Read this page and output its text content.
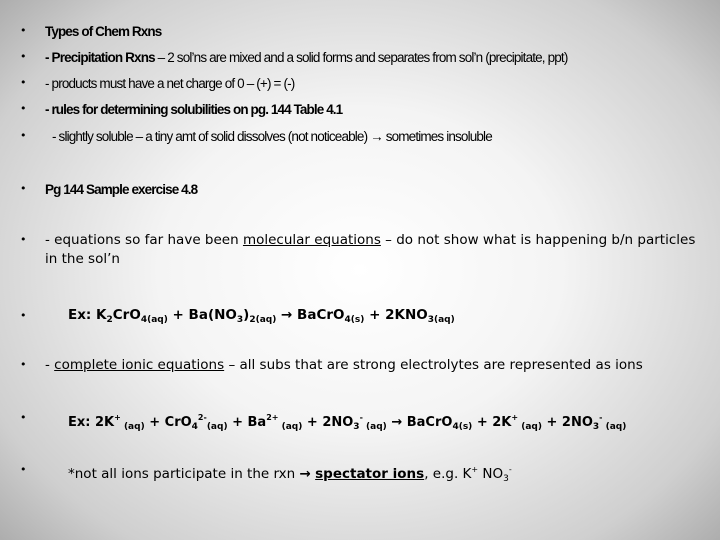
• Types of Chem Rxns
• - Precipitation Rxns – 2 sol’ns are mixed and a solid forms and separates from sol’n (precipitate, ppt)
• - products must have a net charge of 0 – (+) = (-)
• - rules for determining solubilities on pg. 144 Table 4.1
• - slightly soluble – a tiny amt of solid dissolves (not noticeable) → sometimes insoluble
• Pg 144 Sample exercise 4.8
• - equations so far have been molecular equations – do not show what is happening b/n particles in the sol’n
•	Ex: $K_2CrO_{4(aq)} + Ba(NO_3)_{2(aq)}$ → BaCrO$_{4(s)}$ + $2KNO_{3(aq)}$
• - complete ionic equations – all subs that are strong electrolytes are represented as ions
•	Ex: 2K+ $_{(aq)} + CrO_4^{2-}_{(aq)} + Ba^{2+}$ $_{(aq)} + 2NO_3^-$ $_{(aq)}$ → BaCrO$_{4(s)}$ + 2K+ $_{(aq)} + 2NO_3^-$ $_{(aq)}$
•	*not all ions participate in the rxn → spectator ions, e.g. K+ $NO_3^-$
